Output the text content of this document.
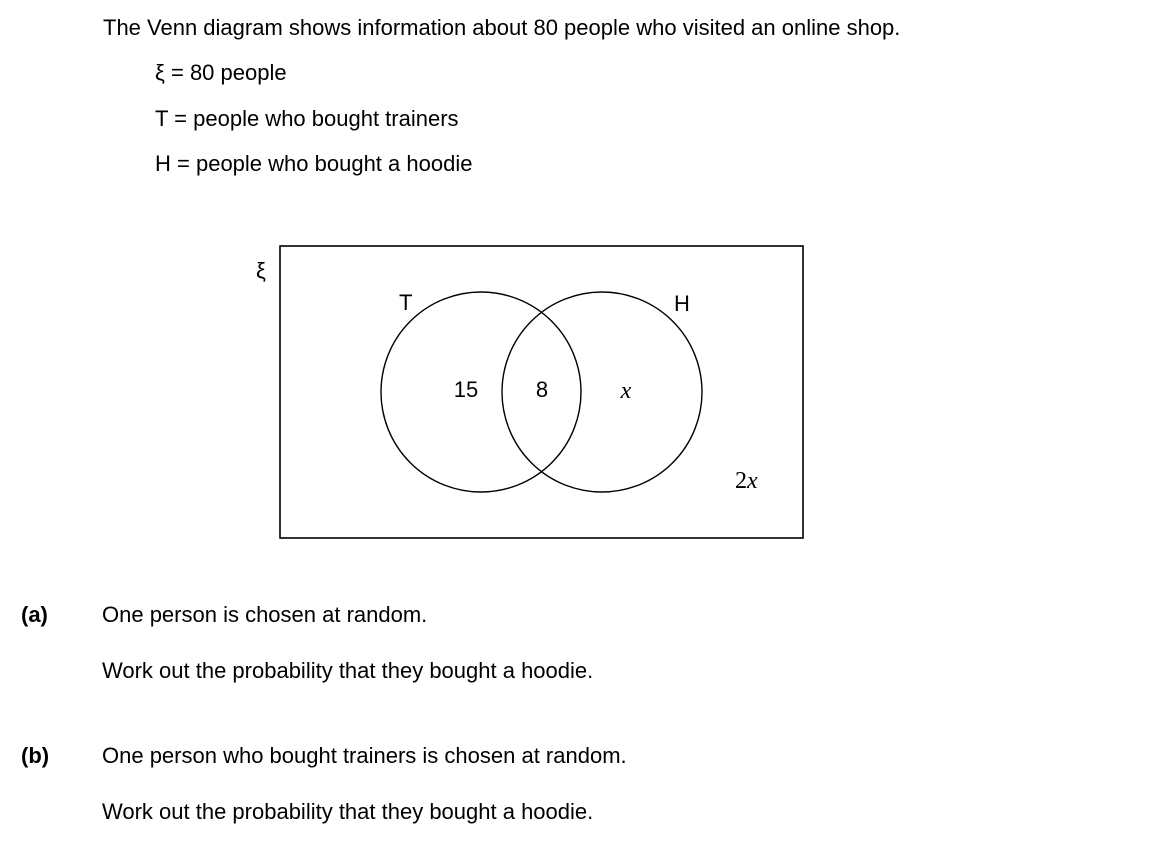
The Venn diagram shows information about 80 people who visited an online shop.
ξ = 80 people
T = people who bought trainers
H = people who bought a hoodie
ξ
T	H
15	8	x
2x
(a) One person is chosen at random.
Work out the probability that they bought a hoodie.
(b) One person who bought trainers is chosen at random.
Work out the probability that they bought a hoodie.
